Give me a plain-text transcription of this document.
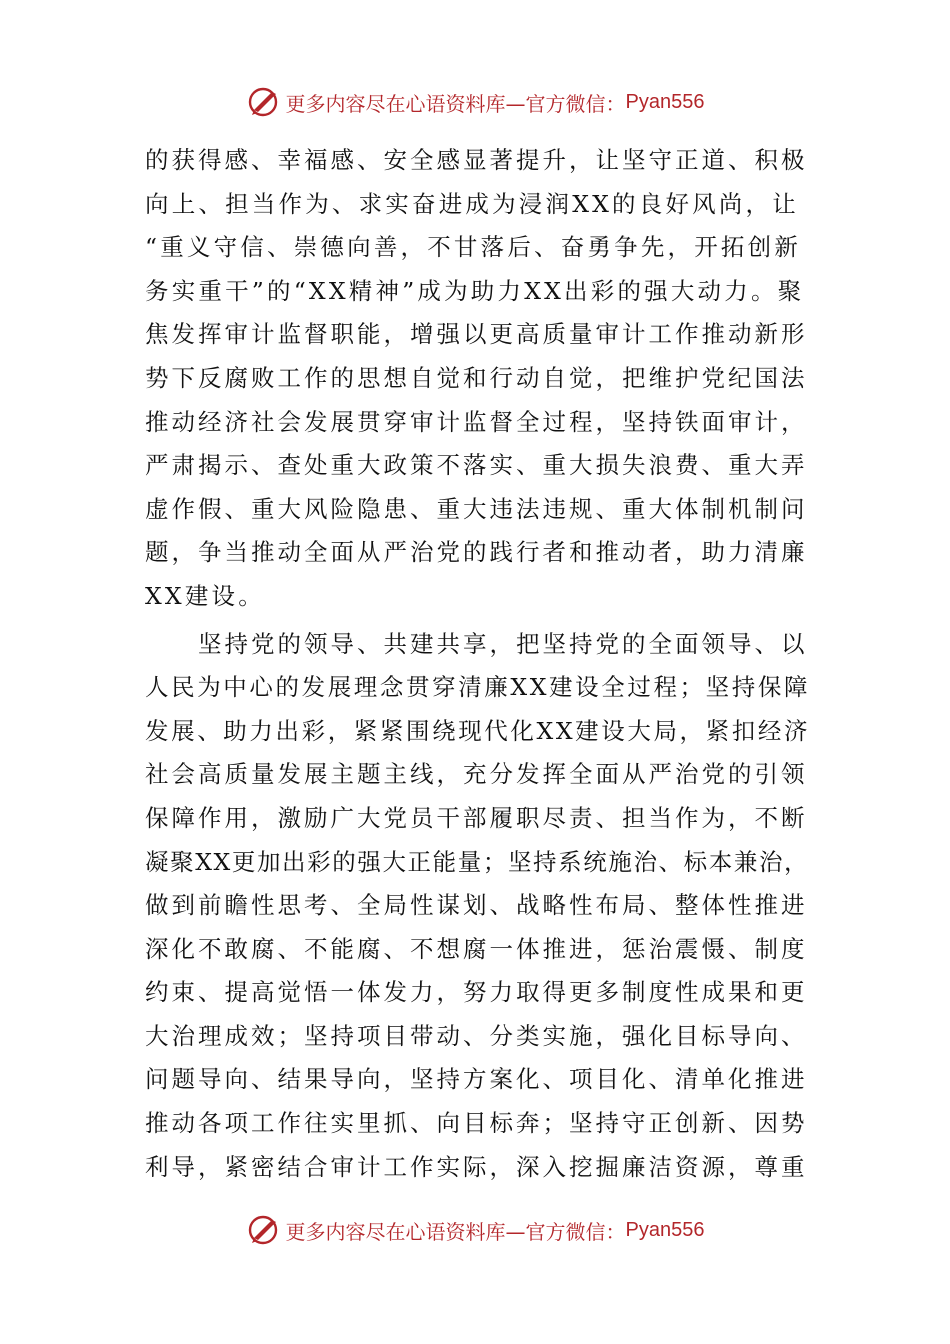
更多内容尽在心语资料库—官方微信： Pyan556
的获得感、幸福感、安全感显著提升，让坚守正道、积极
向上、担当作为、求实奋进成为浸润XX的良好风尚，让
“重义守信、崇德向善，不甘落后、奋勇争先，开拓创新
务实重干”的“XX精神”成为助力XX出彩的强大动力。聚
焦发挥审计监督职能，增强以更高质量审计工作推动新形
势下反腐败工作的思想自觉和行动自觉，把维护党纪国法
推动经济社会发展贯穿审计监督全过程，坚持铁面审计，
严肃揭示、查处重大政策不落实、重大损失浪费、重大弄
虚作假、重大风险隐患、重大违法违规、重大体制机制问
题，争当推动全面从严治党的践行者和推动者，助力清廉
XX建设。
　　坚持党的领导、共建共享，把坚持党的全面领导、以
人民为中心的发展理念贯穿清廉XX建设全过程；坚持保障
发展、助力出彩，紧紧围绕现代化XX建设大局，紧扣经济
社会高质量发展主题主线，充分发挥全面从严治党的引领
保障作用，激励广大党员干部履职尽责、担当作为，不断
凝聚XX更加出彩的强大正能量；坚持系统施治、标本兼治，
做到前瞻性思考、全局性谋划、战略性布局、整体性推进
深化不敢腐、不能腐、不想腐一体推进，惩治震慑、制度
约束、提高觉悟一体发力，努力取得更多制度性成果和更
大治理成效；坚持项目带动、分类实施，强化目标导向、
问题导向、结果导向，坚持方案化、项目化、清单化推进
推动各项工作往实里抓、向目标奔；坚持守正创新、因势
利导，紧密结合审计工作实际，深入挖掘廉洁资源，尊重
更多内容尽在心语资料库—官方微信： Pyan556
